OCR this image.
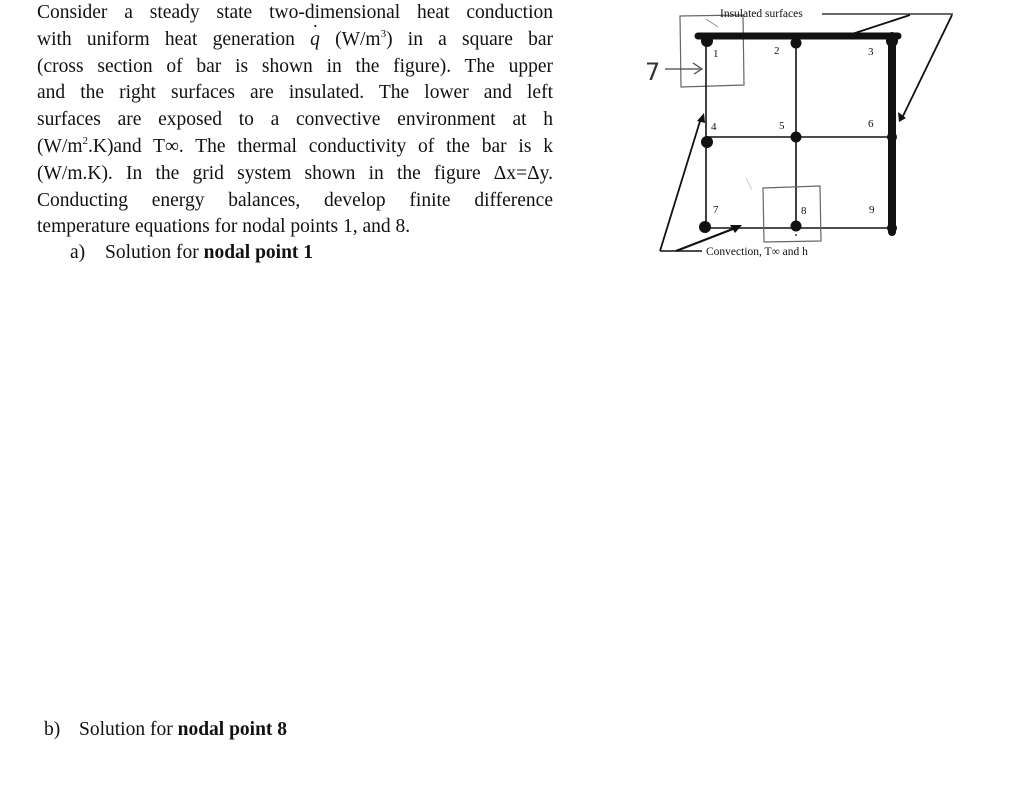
Consider a steady state two-dimensional heat conduction
with uniform heat generation ˙ q $(W/m^3)$ in a square bar
(cross section of bar is shown in the figure). The upper
and the right surfaces are insulated. The lower and left
surfaces are exposed to a convective environment at h
$(W/m^2.K)and$ T∞. The thermal conductivity of the bar is k
(W/m.K). In the grid system shown in the figure Δx=Δy.
Conducting energy balances, develop finite difference
temperature equations for nodal points 1, and 8.
a) Solution for nodal point 1
b) Solution for nodal point 8
7
1	2	3
4	5	6
7	8	9
Insulated surfaces
Convection, T∞ and h
